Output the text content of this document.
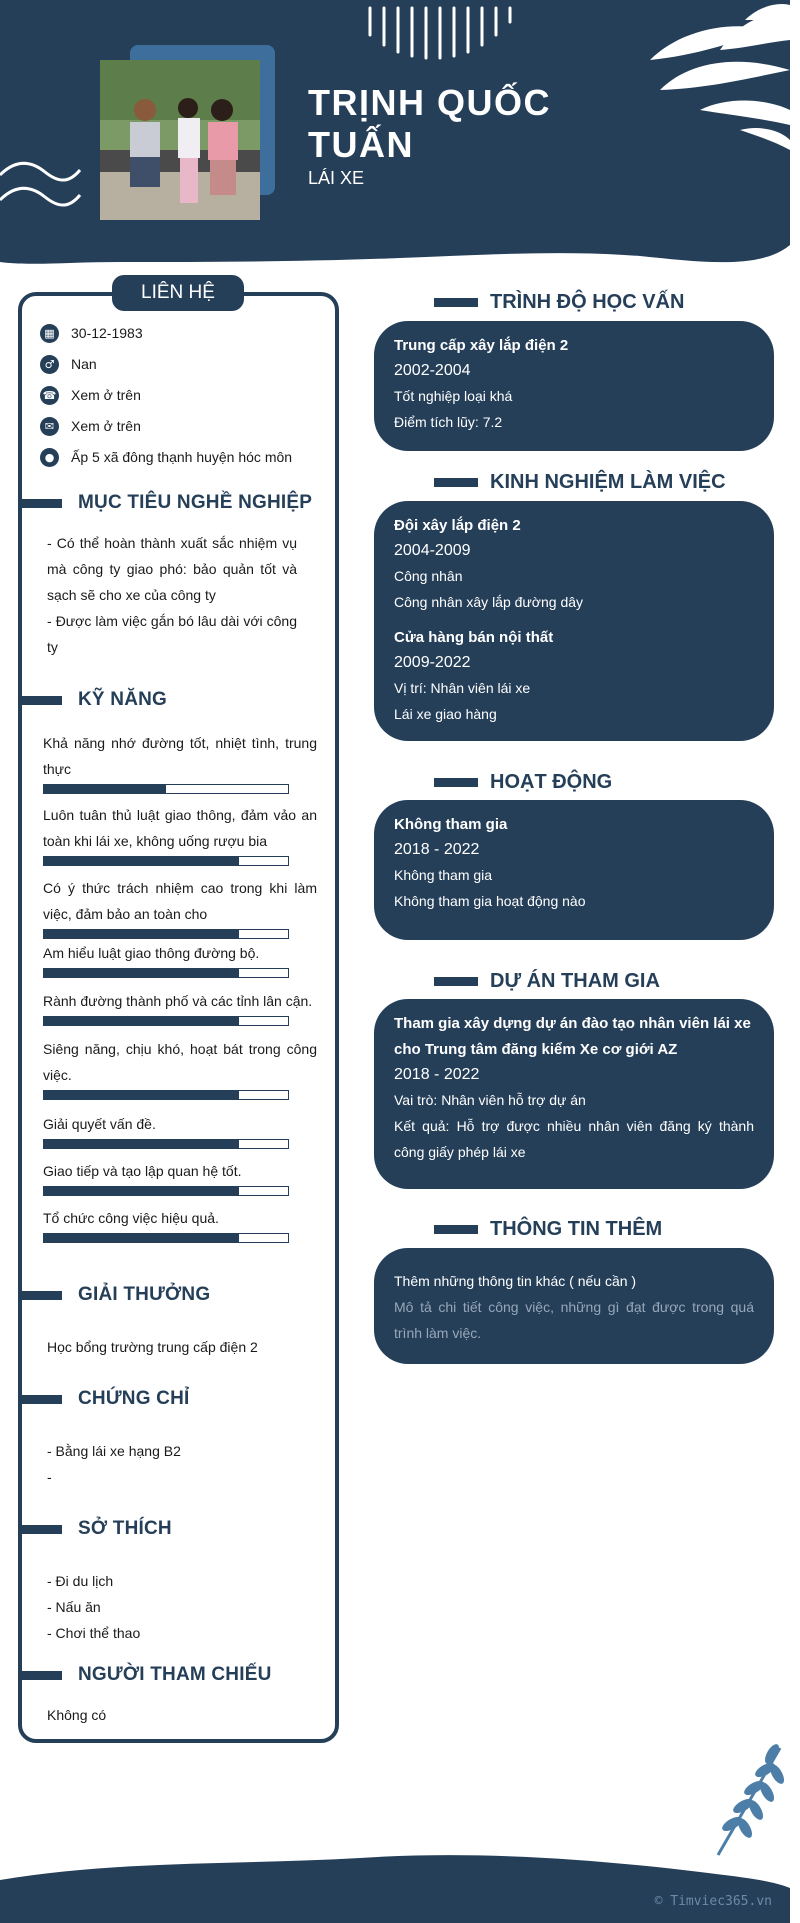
TRỊNH QUỐC TUẤN
LÁI XE
LIÊN HỆ
▦	30-12-1983
♂	Nan
☎ Xem ở trên
✉	Xem ở trên
●	Ấp 5 xã đông thạnh huyện hóc môn
MỤC TIÊU NGHỀ NGHIỆP
- Có thể hoàn thành xuất sắc nhiệm vụ mà công ty giao phó: bảo quản tốt và sạch sẽ cho xe của công ty
- Được làm việc gắn bó lâu dài với công ty
KỸ NĂNG
Khả năng nhớ đường tốt, nhiệt tình, trung thực
Luôn tuân thủ luật giao thông, đảm vảo an toàn khi lái xe, không uống rượu bia
Có ý thức trách nhiệm cao trong khi làm việc, đảm bảo an toàn cho
Am hiểu luật giao thông đường bộ.
Rành đường thành phố và các tỉnh lân cận.
Siêng năng, chịu khó, hoạt bát trong công việc.
Giải quyết vấn đề.
Giao tiếp và tạo lập quan hệ tốt.
Tổ chức công việc hiệu quả.
GIẢI THƯỞNG
Học bổng trường trung cấp điện 2
CHỨNG CHỈ
- Bằng lái xe hạng B2
-
SỞ THÍCH
- Đi du lịch
- Nấu ăn
- Chơi thể thao
NGƯỜI THAM CHIẾU
Không có
TRÌNH ĐỘ HỌC VẤN
Trung cấp xây lắp điện 2
2002-2004
Tốt nghiệp loại khá
Điểm tích lũy: 7.2
KINH NGHIỆM LÀM VIỆC
Đội xây lắp điện 2
2004-2009
Công nhân
Công nhân xây lắp đường dây
Cửa hàng bán nội thất
2009-2022
Vị trí: Nhân viên lái xe
Lái xe giao hàng
HOẠT ĐỘNG
Không tham gia
2018 - 2022
Không tham gia
Không tham gia hoạt động nào
DỰ ÁN THAM GIA
Tham gia xây dựng dự án đào tạo nhân viên lái xe cho Trung tâm đăng kiểm Xe cơ giới AZ
2018 - 2022
Vai trò: Nhân viên hỗ trợ dự án
Kết quả: Hỗ trợ được nhiều nhân viên đăng ký thành công giấy phép lái xe
THÔNG TIN THÊM
Thêm những thông tin khác ( nếu cần )
Mô tả chi tiết công việc, những gì đạt được trong quá trình làm việc.
© Timviec365.vn
